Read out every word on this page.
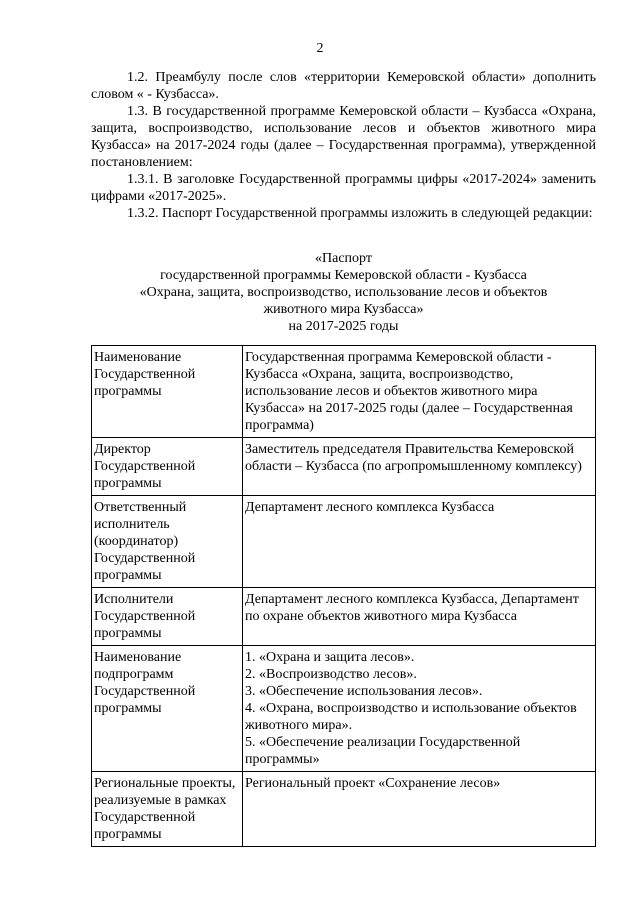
2

1.2. Преамбулу после слов «территории Кемеровской области» дополнить словом « - Кузбасса».

1.3. В государственной программе Кемеровской области – Кузбасса «Охрана, защита, воспроизводство, использование лесов и объектов животного мира Кузбасса» на 2017-2024 годы (далее – Государственная программа), утвержденной постановлением:

1.3.1. В заголовке Государственной программы цифры «2017-2024» заменить цифрами «2017-2025».

1.3.2. Паспорт Государственной программы изложить в следующей редакции:

«Паспорт
государственной программы Кемеровской области - Кузбасса
«Охрана, защита, воспроизводство, использование лесов и объектов
животного мира Кузбасса»
на 2017-2025 годы
Наименование Государственной программы	Государственная программа Кемеровской области - Кузбасса «Охрана, защита, воспроизводство, использование лесов и объектов животного мира Кузбасса» на 2017-2025 годы (далее – Государственная программа)
Директор Государственной программы	Заместитель председателя Правительства Кемеровской области – Кузбасса (по агропромышленному комплексу)
Ответственный исполнитель (координатор) Государственной программы	Департамент лесного комплекса Кузбасса
Исполнители Государственной программы	Департамент лесного комплекса Кузбасса, Департамент по охране объектов животного мира Кузбасса
Наименование подпрограмм Государственной программы	1. «Охрана и защита лесов».
2. «Воспроизводство лесов».
3. «Обеспечение использования лесов».
4. «Охрана, воспроизводство и использование объектов животного мира».
5. «Обеспечение реализации Государственной программы»

Региональные проекты, реализуемые в рамках Государственной программы	Региональный проект «Сохранение лесов»
